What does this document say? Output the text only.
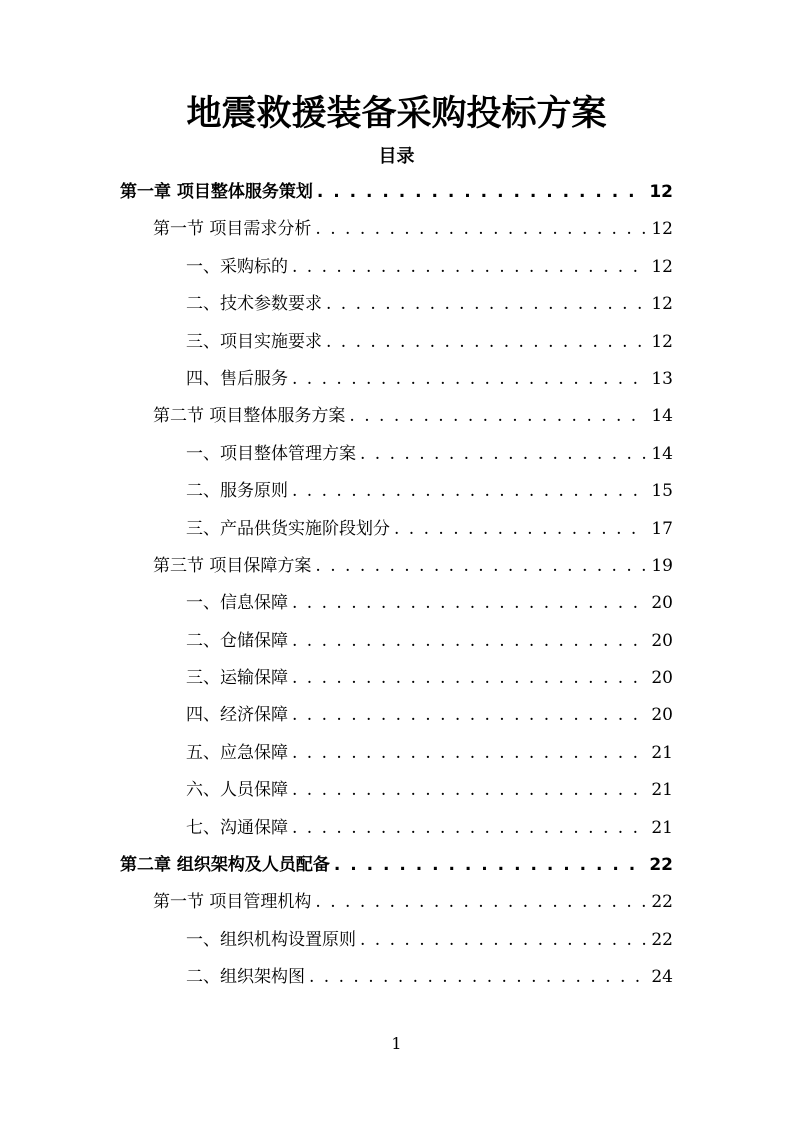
地震救援装备采购投标方案
目录
第一章 项目整体服务策划 . . .	12
第一节 项目需求分析 . . .	12
一、采购标的 . . .	12
二、技术参数要求 . . .	12
三、项目实施要求 . . .	12
四、售后服务 . . .	13
第二节 项目整体服务方案 . . .	14
一、项目整体管理方案 . . .	14
二、服务原则 . . .	15
三、产品供货实施阶段划分 . . .	17
第三节 项目保障方案 . . .	19
一、信息保障 . . .	20
二、仓储保障 . . .	20
三、运输保障 . . .	20
四、经济保障 . . .	20
五、应急保障 . . .	21
六、人员保障 . . .	21
七、沟通保障 . . .	21
第二章 组织架构及人员配备 . . .	22
第一节 项目管理机构 . . .	22
一、组织机构设置原则 . . .	22
二、组织架构图 . . .	24
1
